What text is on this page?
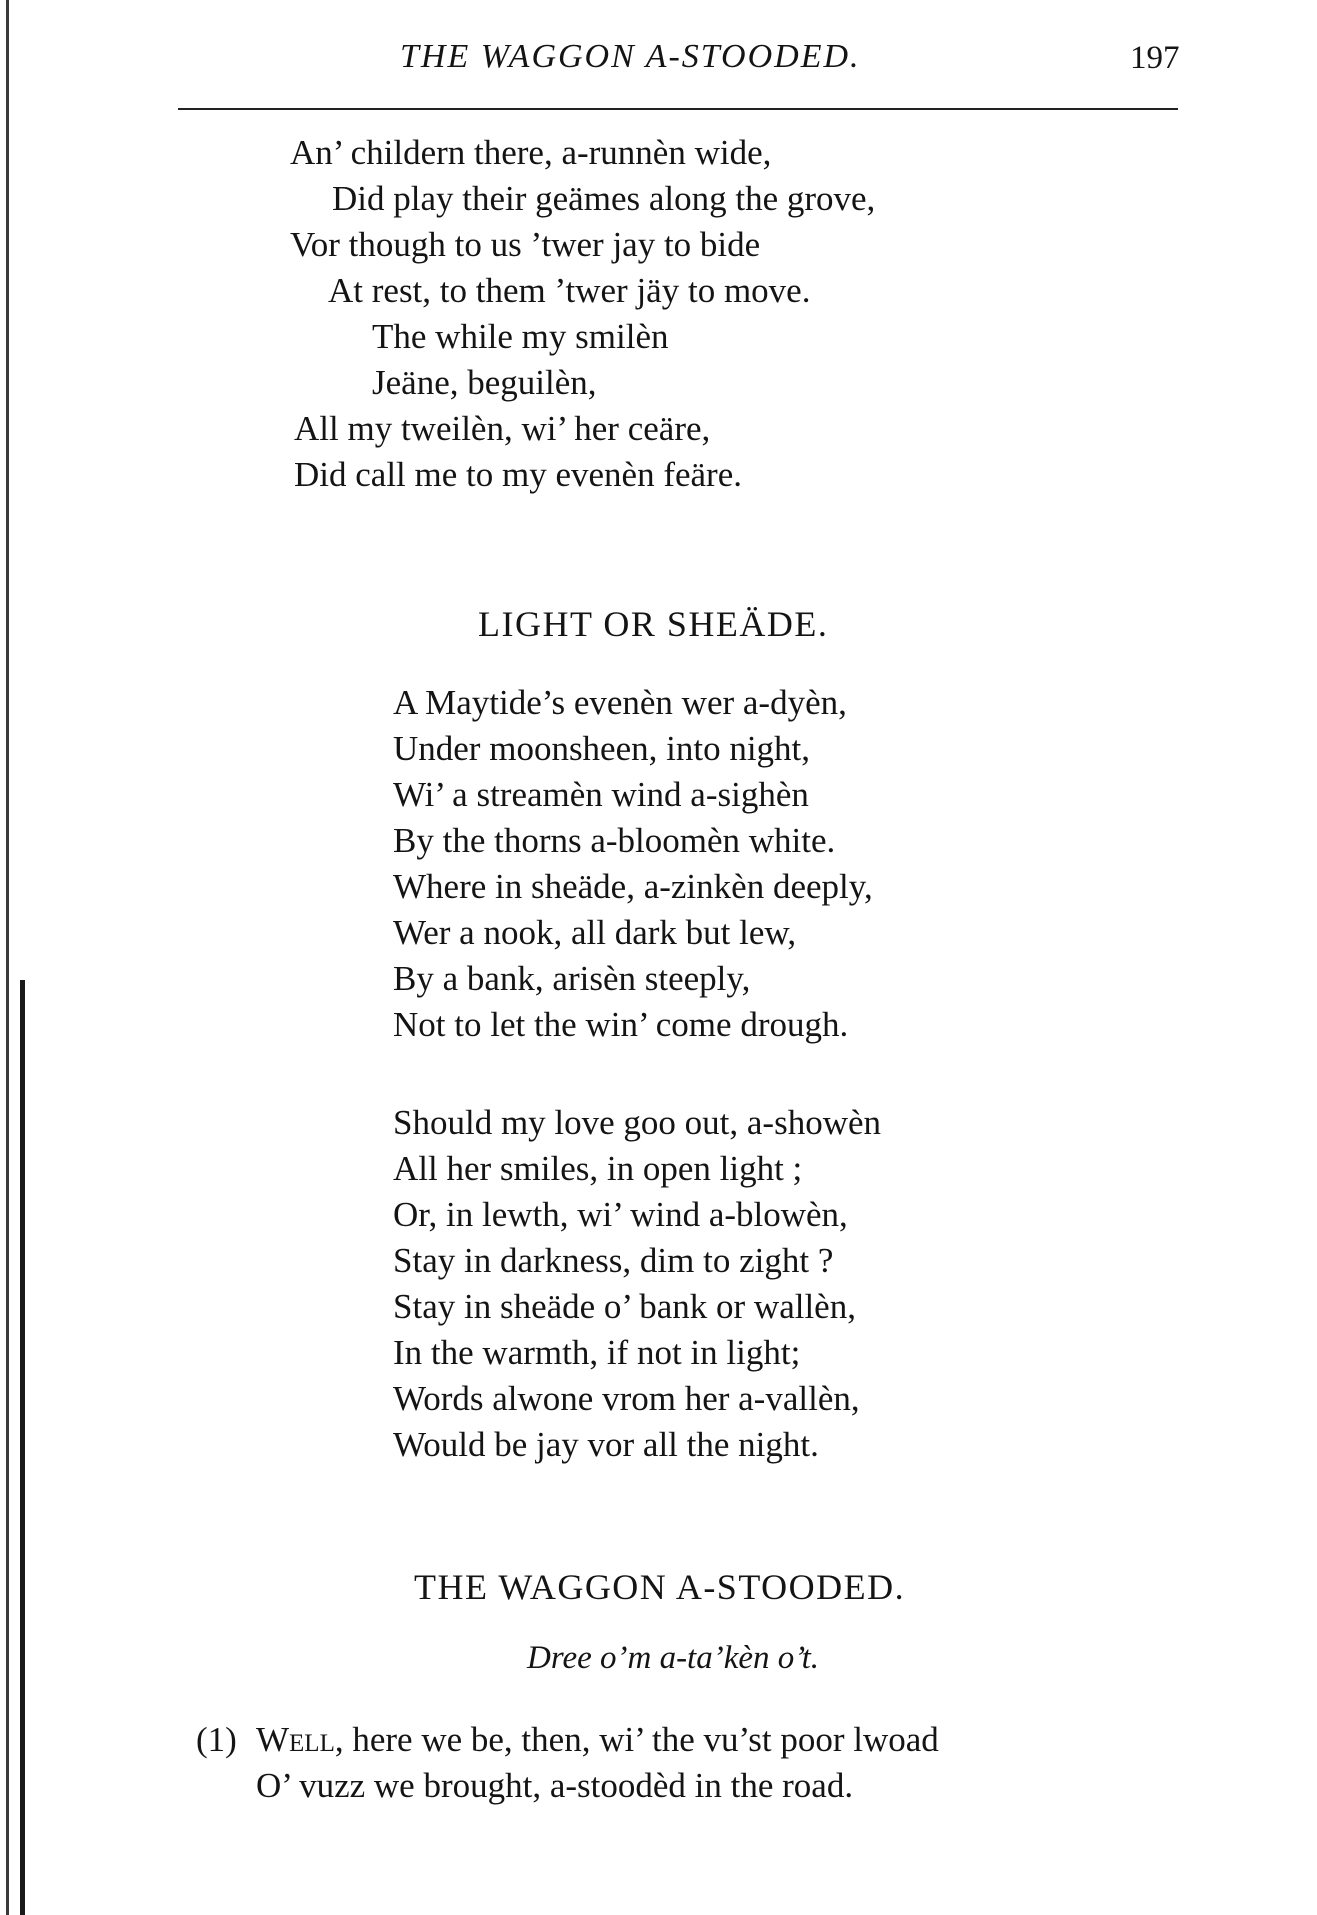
THE WAGGON A-STOODED.	197
An’ childern there, a-runnèn wide,
Did play their geämes along the grove,
Vor though to us ’twer jay to bide
At rest, to them ’twer jäy to move.
The while my smilèn
Jeäne, beguilèn,
All my tweilèn, wi’ her ceäre,
Did call me to my evenèn feäre.
LIGHT OR SHEÄDE.
A Maytide’s evenèn wer a-dyèn,
Under moonsheen, into night,
Wi’ a streamèn wind a-sighèn
By the thorns a-bloomèn white.
Where in sheäde, a-zinkèn deeply,
Wer a nook, all dark but lew,
By a bank, arisèn steeply,
Not to let the win’ come drough.
Should my love goo out, a-showèn
All her smiles, in open light ;
Or, in lewth, wi’ wind a-blowèn,
Stay in darkness, dim to zight ?
Stay in sheäde o’ bank or wallèn,
In the warmth, if not in light;
Words alwone vrom her a-vallèn,
Would be jay vor all the night.
THE WAGGON A-STOODED.
Dree o’m a-ta’kèn o’t.
(1) Well, here we be, then, wi’ the vu’st poor lwoad
O’ vuzz we brought, a-stoodèd in the road.
